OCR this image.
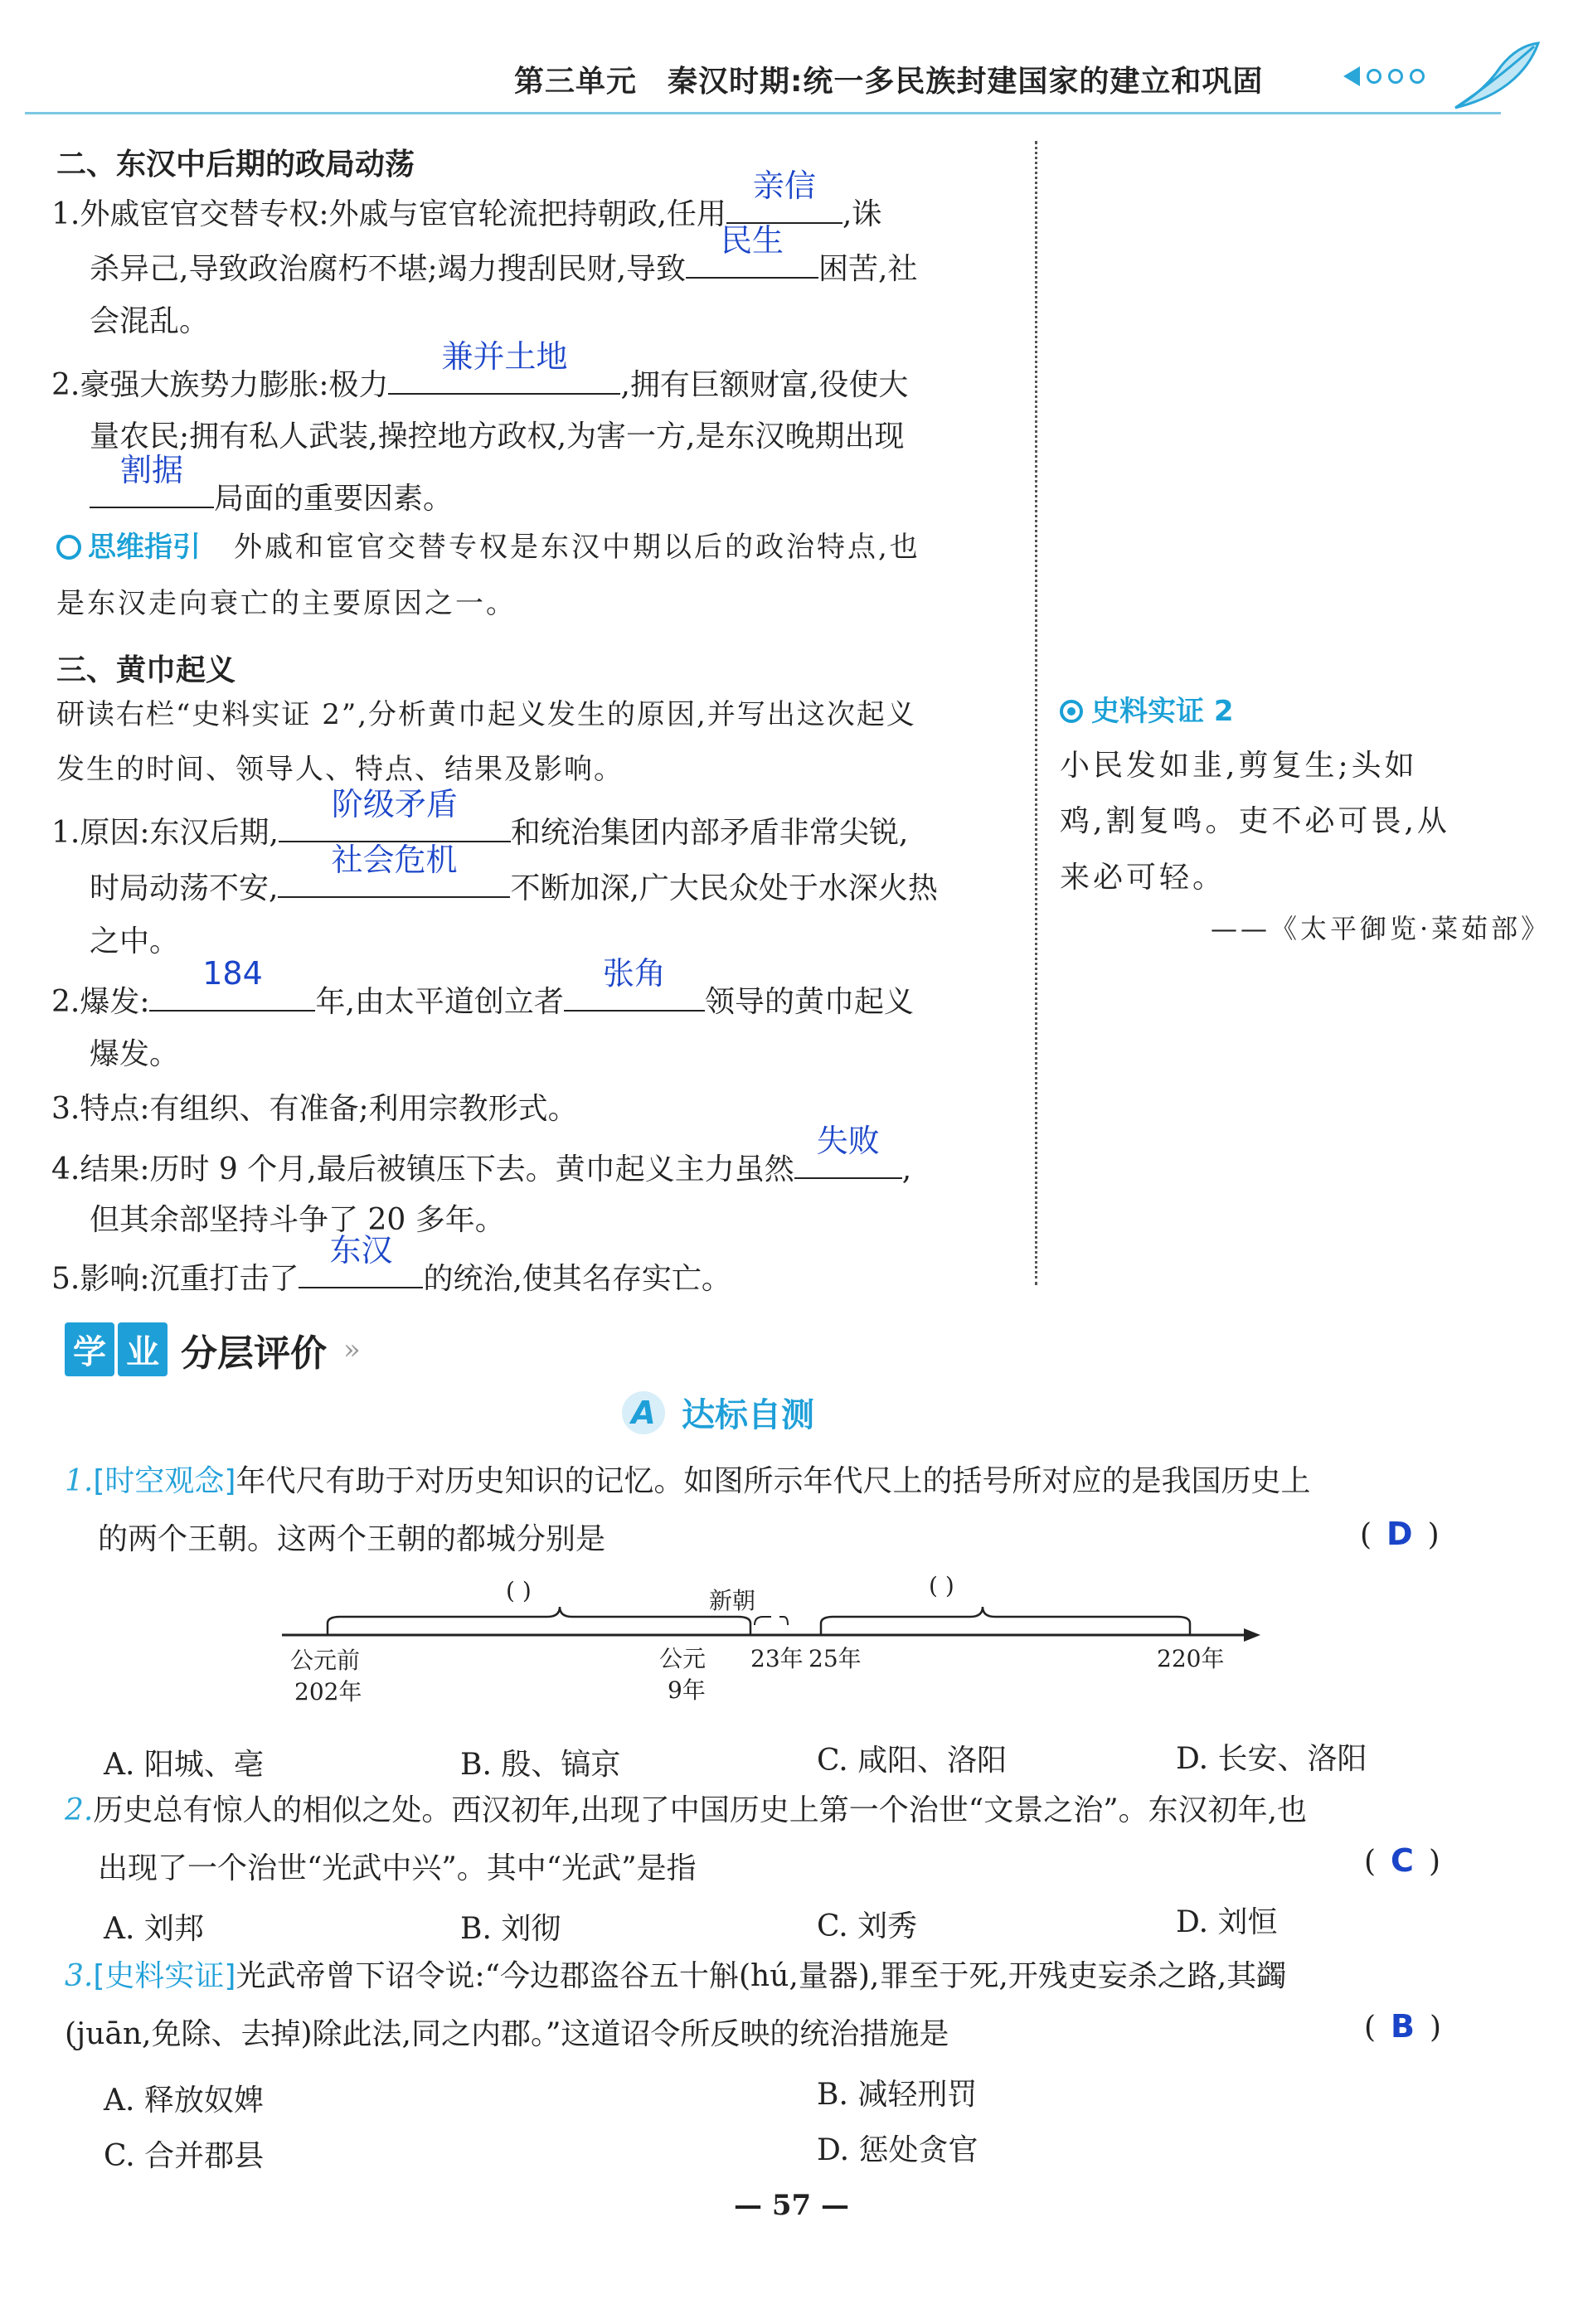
第三单元　秦汉时期:统一多民族封建国家的建立和巩固
二、东汉中后期的政局动荡
1.外戚宦官交替专权:外戚与宦官轮流把持朝政,任用
亲信
,诛
杀异己,导致政治腐朽不堪;竭力搜刮民财,导致
民生
困苦,社
会混乱。
2.豪强大族势力膨胀:极力
兼并土地
,拥有巨额财富,役使大
量农民;拥有私人武装,操控地方政权,为害一方,是东汉晚期出现
割据
局面的重要因素。
思维指引 外戚和宦官交替专权是东汉中期以后的政治特点,也
是东汉走向衰亡的主要原因之一。
三、黄巾起义
研读右栏“史料实证 2”,分析黄巾起义发生的原因,并写出这次起义
发生的时间、领导人、特点、结果及影响。
1.原因:东汉后期,
阶级矛盾
和统治集团内部矛盾非常尖锐,
时局动荡不安,
社会危机
不断加深,广大民众处于水深火热
之中。
2.爆发:
184
年,由太平道创立者
张角
领导的黄巾起义
爆发。
3.特点:有组织、有准备;利用宗教形式。
4.结果:历时 9 个月,最后被镇压下去。黄巾起义主力虽然
失败
,
但其余部坚持斗争了 20 多年。
5.影响:沉重打击了
东汉
的统治,使其名存实亡。
史料实证 2
小民发如韭,剪复生;头如
鸡,割复鸣。吏不必可畏,从
来必可轻。
——《太平御览·菜茹部》
学 业 分层评价 »
A 达标自测
1.[时空观念]年代尺有助于对历史知识的记忆。如图所示年代尺上的括号所对应的是我国历史上
的两个王朝。这两个王朝的都城分别是	( D )
( )	( )
新朝
公元前
202年
公元
9年
23年 25年	220年
A. 阳城、亳	B. 殷、镐京	C. 咸阳、洛阳	D. 长安、洛阳
2.历史总有惊人的相似之处。西汉初年,出现了中国历史上第一个治世“文景之治”。东汉初年,也
出现了一个治世“光武中兴”。其中“光武”是指	( C )
A. 刘邦	B. 刘彻	C. 刘秀	D. 刘恒
3.[史料实证]光武帝曾下诏令说:“今边郡盗谷五十斛(hú,量器),罪至于死,开残吏妄杀之路,其蠲
(juān,免除、去掉)除此法,同之内郡。”这道诏令所反映的统治措施是	( B )
A. 释放奴婢	B. 减轻刑罚
C. 合并郡县	D. 惩处贪官
— 57 —
